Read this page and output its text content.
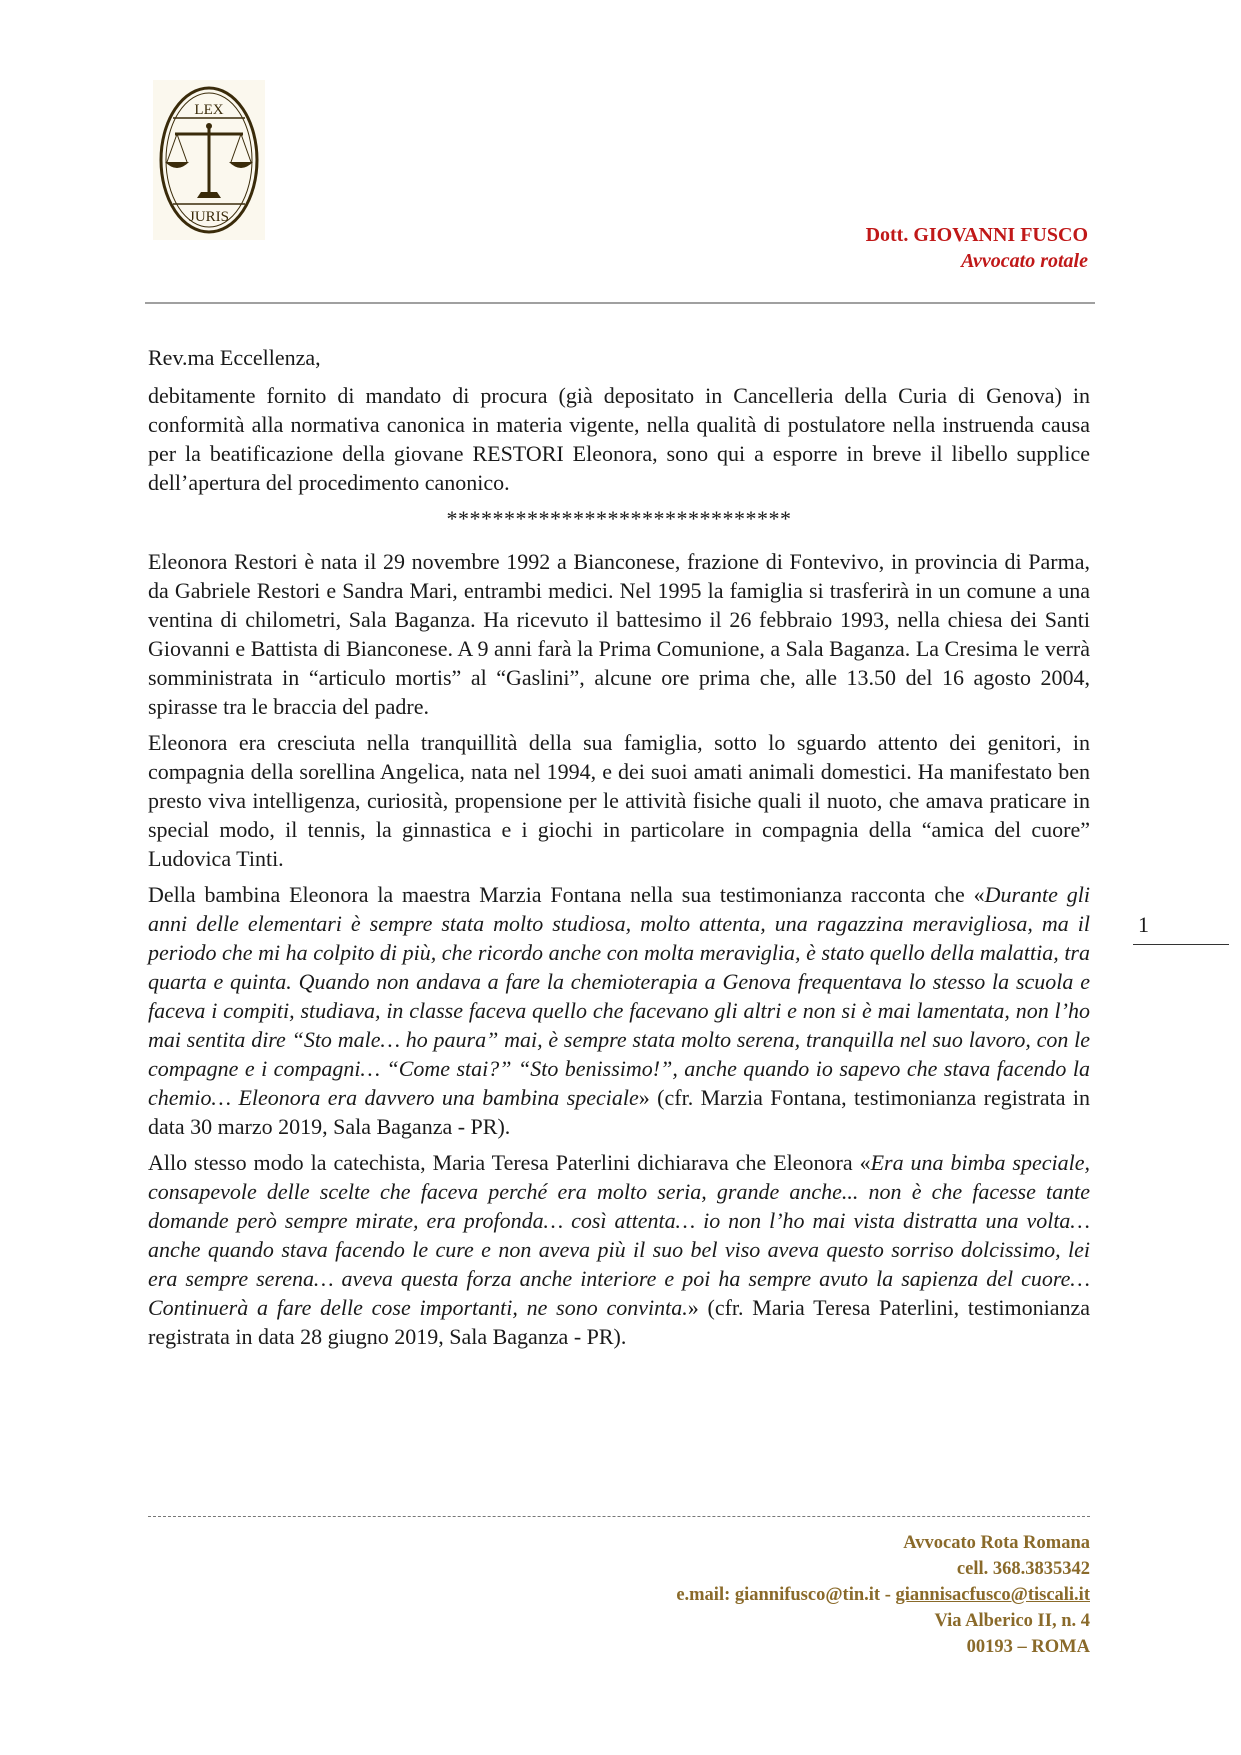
LEX
JURIS
Dott. GIOVANNI FUSCO
Avvocato rotale

Rev.ma Eccellenza,

debitamente fornito di mandato di procura (già depositato in Cancelleria della Curia di Genova) in conformità alla normativa canonica in materia vigente, nella qualità di postulatore nella instruenda causa per la beatificazione della giovane RESTORI Eleonora, sono qui a esporre in breve il libello supplice dell’apertura del procedimento canonico.

******************************

Eleonora Restori è nata il 29 novembre 1992 a Bianconese, frazione di Fontevivo, in provincia di Parma, da Gabriele Restori e Sandra Mari, entrambi medici. Nel 1995 la famiglia si trasferirà in un comune a una ventina di chilometri, Sala Baganza. Ha ricevuto il battesimo il 26 febbraio 1993, nella chiesa dei Santi Giovanni e Battista di Bianconese. A 9 anni farà la Prima Comunione, a Sala Baganza. La Cresima le verrà somministrata in “articulo mortis” al “Gaslini”, alcune ore prima che, alle 13.50 del 16 agosto 2004, spirasse tra le braccia del padre.

Eleonora era cresciuta nella tranquillità della sua famiglia, sotto lo sguardo attento dei genitori, in compagnia della sorellina Angelica, nata nel 1994, e dei suoi amati animali domestici. Ha manifestato ben presto viva intelligenza, curiosità, propensione per le attività fisiche quali il nuoto, che amava praticare in special modo, il tennis, la ginnastica e i giochi in particolare in compagnia della “amica del cuore” Ludovica Tinti.

Della bambina Eleonora la maestra Marzia Fontana nella sua testimonianza racconta che «Durante gli anni delle elementari è sempre stata molto studiosa, molto attenta, una ragazzina meravigliosa, ma il periodo che mi ha colpito di più, che ricordo anche con molta meraviglia, è stato quello della malattia, tra quarta e quinta. Quando non andava a fare la chemioterapia a Genova frequentava lo stesso la scuola e faceva i compiti, studiava, in classe faceva quello che facevano gli altri e non si è mai lamentata, non l’ho mai sentita dire “Sto male… ho paura” mai, è sempre stata molto serena, tranquilla nel suo lavoro, con le compagne e i compagni… “Come stai?” “Sto benissimo!”, anche quando io sapevo che stava facendo la chemio… Eleonora era davvero una bambina speciale» (cfr. Marzia Fontana, testimonianza registrata in data 30 marzo 2019, Sala Baganza - PR).

Allo stesso modo la catechista, Maria Teresa Paterlini dichiarava che Eleonora «Era una bimba speciale, consapevole delle scelte che faceva perché era molto seria, grande anche... non è che facesse tante domande però sempre mirate, era profonda… così attenta… io non l’ho mai vista distratta una volta… anche quando stava facendo le cure e non aveva più il suo bel viso aveva questo sorriso dolcissimo, lei era sempre serena… aveva questa forza anche interiore e poi ha sempre avuto la sapienza del cuore… Continuerà a fare delle cose importanti, ne sono convinta.» (cfr. Maria Teresa Paterlini, testimonianza registrata in data 28 giugno 2019, Sala Baganza - PR).

1
Avvocato Rota Romana
cell. 368.3835342
e.mail: giannifusco@tin.it - giannisacfusco@tiscali.it
Via Alberico II, n. 4
00193 – ROMA
